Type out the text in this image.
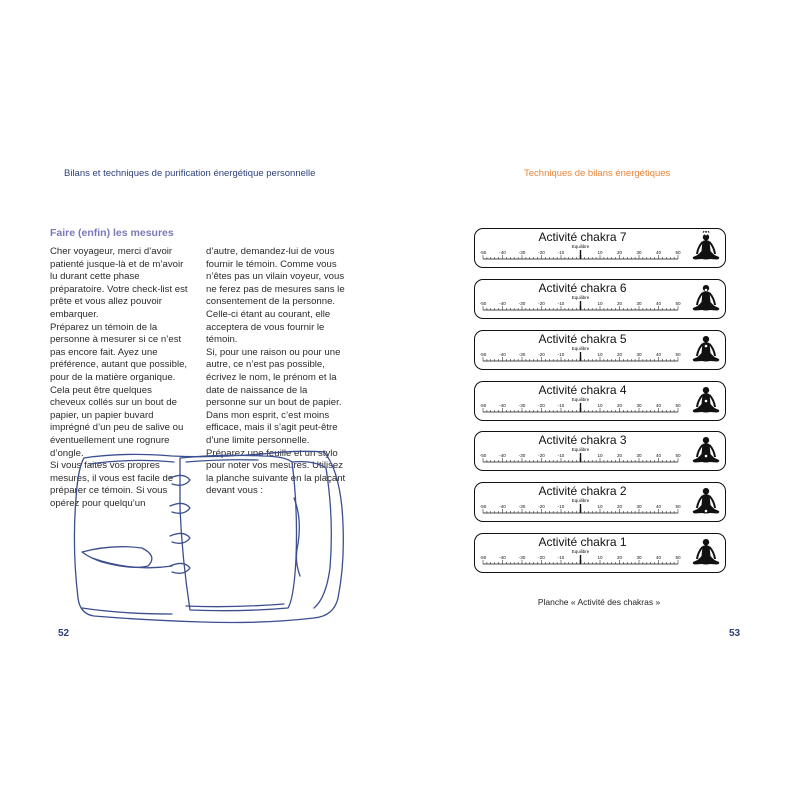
Bilans et techniques de purification énergétique personnelle
Faire (enfin) les mesures

Cher voyageur, merci d’avoir patienté jusque-là et de m’avoir lu durant cette phase préparatoire. Votre check-list est prête et vous allez pouvoir embarquer.

Préparez un témoin de la personne à mesurer si ce n’est pas encore fait. Ayez une préférence, autant que possible, pour de la matière organique. Cela peut être quelques cheveux collés sur un bout de papier, un papier buvard imprégné d’un peu de salive ou éventuellement une rognure d’ongle.

Si vous faites vos propres mesures, il vous est facile de préparer ce témoin. Si vous opérez pour quelqu’un

d’autre, demandez-lui de vous fournir le témoin. Comme vous n’êtes pas un vilain voyeur, vous ne ferez pas de mesures sans le consentement de la personne. Celle-ci étant au courant, elle acceptera de vous fournir le témoin.

Si, pour une raison ou pour une autre, ce n’est pas possible, écrivez le nom, le prénom et la date de naissance de la personne sur un bout de papier. Dans mon esprit, c’est moins efficace, mais il s’agit peut-être d’une limite personnelle.

Préparez une feuille et un stylo pour noter vos mesures. Utilisez la planche suivante en la plaçant devant vous :

52
Techniques de bilans énergétiques
Activité chakra 7
Equilibre
-50	-40	-30	-20	-10	10	20	30	40	50
Activité chakra 6
Equilibre
-50	-40	-30	-20	-10	10	20	30	40	50
Activité chakra 5
Equilibre
-50	-40	-30	-20	-10	10	20	30	40	50
Activité chakra 4
Equilibre
-50	-40	-30	-20	-10	10	20	30	40	50
Activité chakra 3
Equilibre
-50	-40	-30	-20	-10	10	20	30	40	50
Activité chakra 2
Equilibre
-50	-40	-30	-20	-10	10	20	30	40	50
Activité chakra 1
Equilibre
-50	-40	-30	-20	-10	10	20	30	40	50
Planche « Activité des chakras »
53
